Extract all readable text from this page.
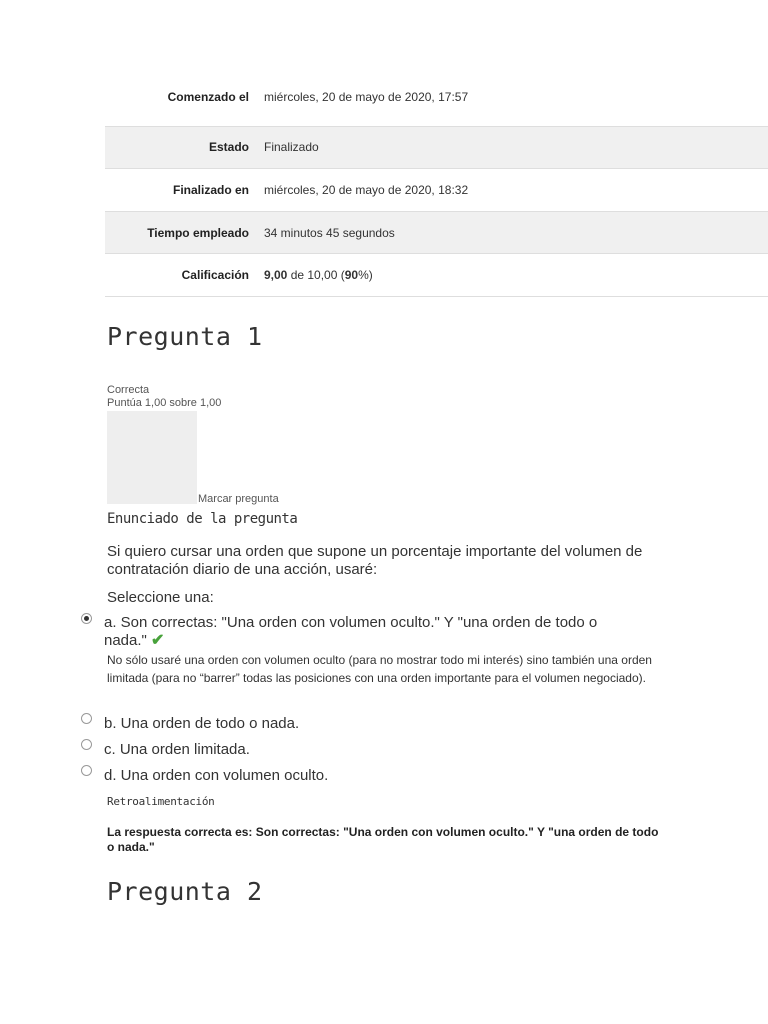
Comenzado el	miércoles, 20 de mayo de 2020, 17:57
Estado	Finalizado
Finalizado en	miércoles, 20 de mayo de 2020, 18:32
Tiempo empleado	34 minutos 45 segundos
Calificación	9,00 de 10,00 (90%)
Pregunta 1
Correcta
Puntúa 1,00 sobre 1,00
Marcar pregunta
Enunciado de la pregunta
Si quiero cursar una orden que supone un porcentaje importante del volumen de contratación diario de una acción, usaré:
Seleccione una:
a. Son correctas: "Una orden con volumen oculto." Y "una orden de todo o nada." ✔
No sólo usaré una orden con volumen oculto (para no mostrar todo mi interés) sino también una orden limitada (para no “barrer” todas las posiciones con una orden importante para el volumen negociado).
b. Una orden de todo o nada.
c. Una orden limitada.
d. Una orden con volumen oculto.
Retroalimentación
La respuesta correcta es: Son correctas: "Una orden con volumen oculto." Y "una orden de todo o nada."
Pregunta 2
